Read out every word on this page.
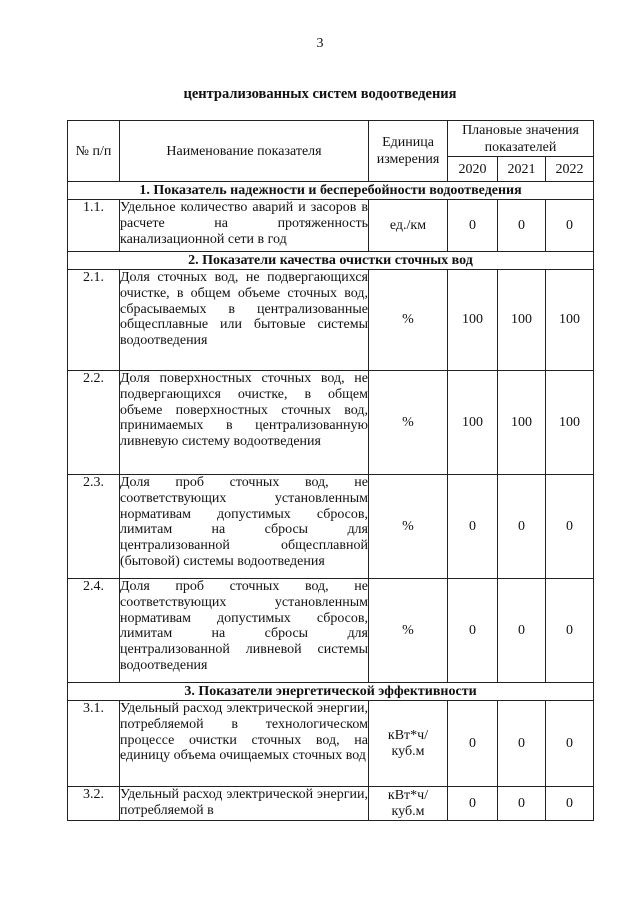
3
централизованных систем водоотведения
№ п/п	Наименование показателя	Единица измерения	Плановые значения показателей		
			2020	2021	2022
1. Показатель надежности и бесперебойности водоотведения					
1.1.	Удельное количество аварий и засоров в расчете на протяженность канализационной сети в год	ед./км	0	0	0
2. Показатели качества очистки сточных вод					
2.1.	Доля сточных вод, не подвергающихся очистке, в общем объеме сточных вод, сбрасываемых в централизованные общесплавные или бытовые системы водоотведения	%	100	100	100
2.2.	Доля поверхностных сточных вод, не подвергающихся очистке, в общем объеме поверхностных сточных вод, принимаемых в централизованную ливневую систему водоотведения	%	100	100	100
2.3.	Доля проб сточных вод, не соответствующих установленным нормативам допустимых сбросов, лимитам на сбросы для централизованной общесплавной (бытовой) системы водоотведения	%	0	0	0
2.4.	Доля проб сточных вод, не соответствующих установленным нормативам допустимых сбросов, лимитам на сбросы для централизованной ливневой системы водоотведения	%	0	0	0
3. Показатели энергетической эффективности					
3.1.	Удельный расход электрической энергии, потребляемой в технологическом процессе очистки сточных вод, на единицу объема очищаемых сточных вод	кВт*ч/ куб.м	0	0	0
3.2.	Удельный расход электрической энергии, потребляемой в	кВт*ч/ куб.м	0	0	0
